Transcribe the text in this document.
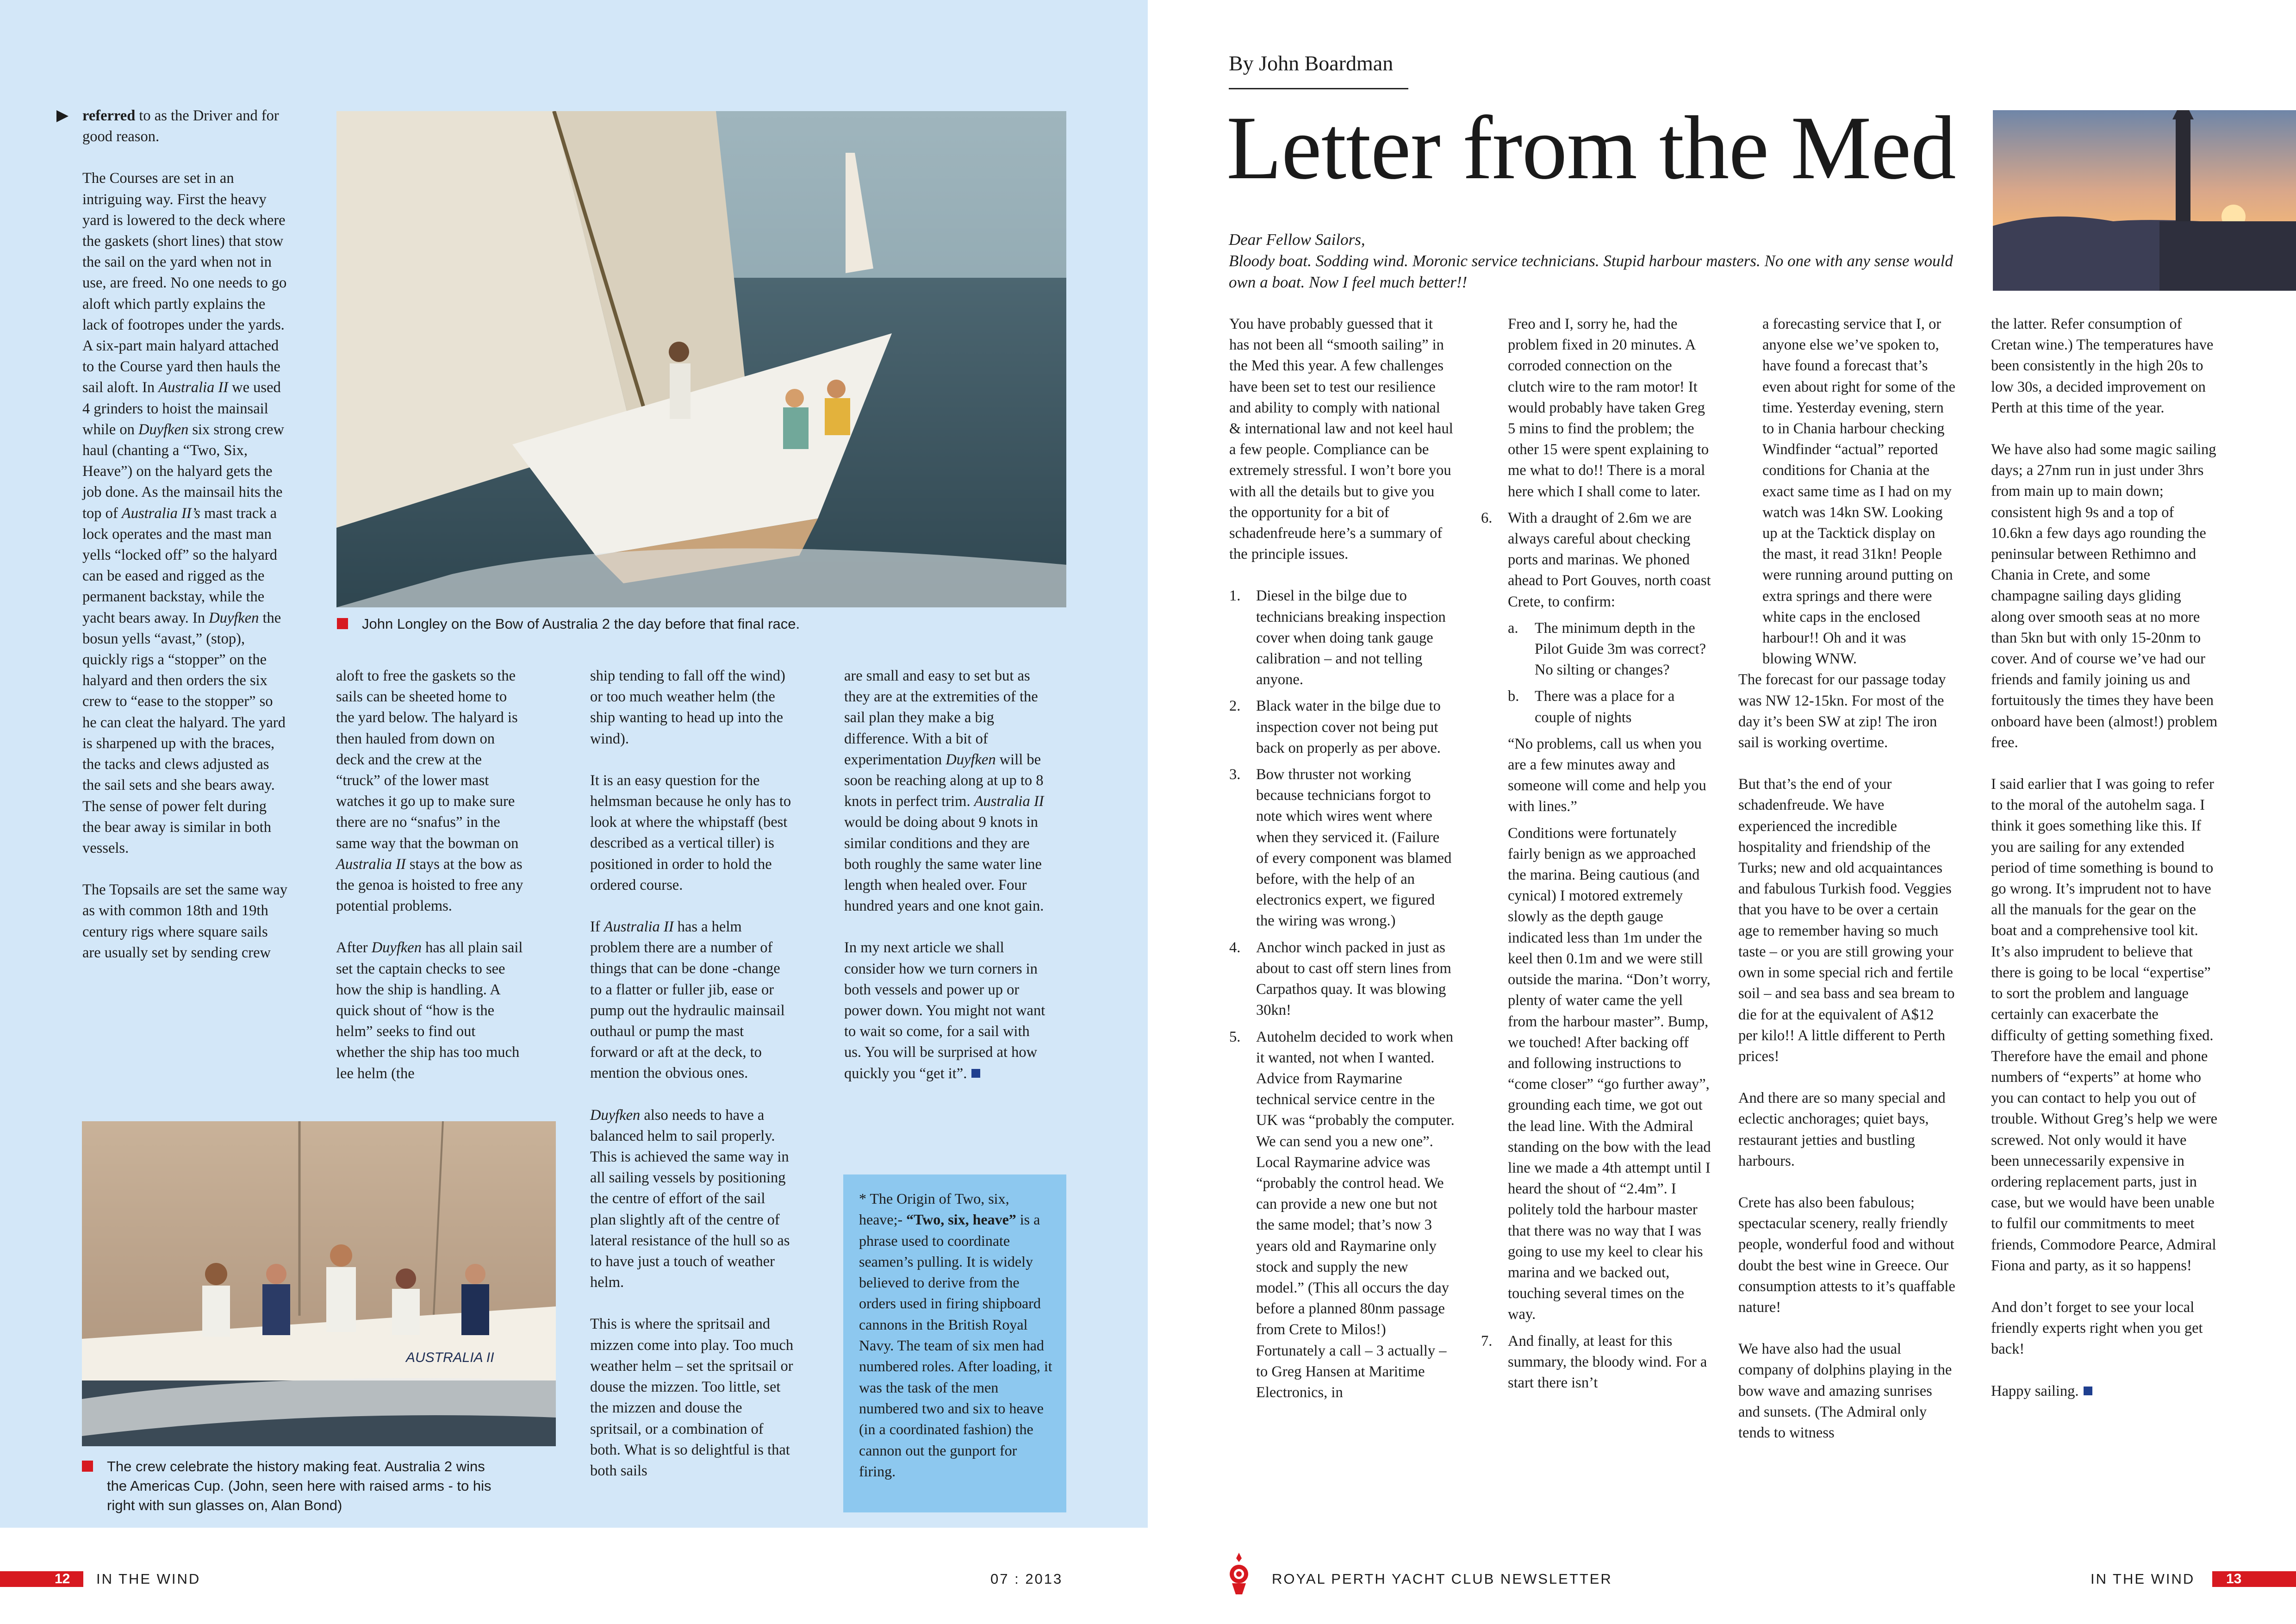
referred to as the Driver and for good reason.

The Courses are set in an intriguing way. First the heavy yard is lowered to the deck where the gaskets (short lines) that stow the sail on the yard when not in use, are freed. No one needs to go aloft which partly explains the lack of footropes under the yards. A six-part main halyard attached to the Course yard then hauls the sail aloft. In Australia II we used 4 grinders to hoist the mainsail while on Duyfken six strong crew haul (chanting a “Two, Six, Heave”) on the halyard gets the job done. As the mainsail hits the top of Australia II’s mast track a lock operates and the mast man yells “locked off” so the halyard can be eased and rigged as the permanent backstay, while the yacht bears away. In Duyfken the bosun yells “avast,” (stop), quickly rigs a “stopper” on the halyard and then orders the six crew to “ease to the stopper” so he can cleat the halyard. The yard is sharpened up with the braces, the tacks and clews adjusted as the sail sets and she bears away. The sense of power felt during the bear away is similar in both vessels.

The Topsails are set the same way as with common 18th and 19th century rigs where square sails are usually set by sending crew

John Longley on the Bow of Australia 2 the day before that final race.

aloft to free the gaskets so the sails can be sheeted home to the yard below. The halyard is then hauled from down on deck and the crew at the “truck” of the lower mast watches it go up to make sure there are no “snafus” in the same way that the bowman on Australia II stays at the bow as the genoa is hoisted to free any potential problems.

After Duyfken has all plain sail set the captain checks to see how the ship is handling. A quick shout of “how is the helm” seeks to find out whether the ship has too much lee helm (the

ship tending to fall off the wind) or too much weather helm (the ship wanting to head up into the wind).

It is an easy question for the helmsman because he only has to look at where the whipstaff (best described as a vertical tiller) is positioned in order to hold the ordered course.

If Australia II has a helm problem there are a number of things that can be done -change to a flatter or fuller jib, ease or pump out the hydraulic mainsail outhaul or pump the mast forward or aft at the deck, to mention the obvious ones.

Duyfken also needs to have a balanced helm to sail properly. This is achieved the same way in all sailing vessels by positioning the centre of effort of the sail plan slightly aft of the centre of lateral resistance of the hull so as to have just a touch of weather helm.

This is where the spritsail and mizzen come into play. Too much weather helm – set the spritsail or douse the mizzen. Too little, set the mizzen and douse the spritsail, or a combination of both. What is so delightful is that both sails

are small and easy to set but as they are at the extremities of the sail plan they make a big difference. With a bit of experimentation Duyfken will be soon be reaching along at up to 8 knots in perfect trim. Australia II would be doing about 9 knots in similar conditions and they are both roughly the same water line length when healed over. Four hundred years and one knot gain.

In my next article we shall consider how we turn corners in both vessels and power up or power down. You might not want to wait so come, for a sail with us. You will be surprised at how quickly you “get it”.

* The Origin of Two, six, heave;- “Two, six, heave” is a phrase used to coordinate seamen’s pulling. It is widely believed to derive from the orders used in firing shipboard cannons in the British Royal Navy. The team of six men had numbered roles. After loading, it was the task of the men numbered two and six to heave (in a coordinated fashion) the cannon out the gunport for firing.
AUSTRALIA II
The crew celebrate the history making feat. Australia 2 wins
the Americas Cup. (John, seen here with raised arms - to his
right with sun glasses on, Alan Bond)
12 IN THE WIND	07 : 2013
By John Boardman
Letter from the Med
Dear Fellow Sailors,
Bloody boat. Sodding wind. Moronic service technicians. Stupid harbour masters. No one with any sense would own a boat. Now I feel much better!!

You have probably guessed that it has not been all “smooth sailing” in the Med this year. A few challenges have been set to test our resilience and ability to comply with national & international law and not keel haul a few people. Compliance can be extremely stressful. I won’t bore you with all the details but to give you the opportunity for a bit of schadenfreude here’s a summary of the principle issues.

1. Diesel in the bilge due to technicians breaking inspection cover when doing tank gauge calibration – and not telling anyone.
2. Black water in the bilge due to inspection cover not being put back on properly as per above.
3. Bow thruster not working because technicians forgot to note which wires went where when they serviced it. (Failure of every component was blamed before, with the help of an electronics expert, we figured the wiring was wrong.)
4. Anchor winch packed in just as about to cast off stern lines from Carpathos quay. It was blowing 30kn!
5. Autohelm decided to work when it wanted, not when I wanted. Advice from Raymarine technical service centre in the UK was “probably the computer. We can send you a new one”. Local Raymarine advice was “probably the control head. We can provide a new one but not the same model; that’s now 3 years old and Raymarine only stock and supply the new model.” (This all occurs the day before a planned 80nm passage from Crete to Milos!) Fortunately a call – 3 actually – to Greg Hansen at Maritime Electronics, in
Freo and I, sorry he, had the problem fixed in 20 minutes. A corroded connection on the clutch wire to the ram motor! It would probably have taken Greg 5 mins to find the problem; the other 15 were spent explaining to me what to do!! There is a moral here which I shall come to later.
6. With a draught of 2.6m we are always careful about checking ports and marinas. We phoned ahead to Port Gouves, north coast Crete, to confirm:
a. The minimum depth in the Pilot Guide 3m was correct? No silting or changes?
b. There was a place for a couple of nights
“No problems, call us when you are a few minutes away and someone will come and help you with lines.”
Conditions were fortunately fairly benign as we approached the marina. Being cautious (and cynical) I motored extremely slowly as the depth gauge indicated less than 1m under the keel then 0.1m and we were still outside the marina. “Don’t worry, plenty of water came the yell from the harbour master”. Bump, we touched! After backing off and following instructions to “come closer” “go further away”, grounding each time, we got out the lead line. With the Admiral standing on the bow with the lead line we made a 4th attempt until I heard the shout of “2.4m”. I politely told the harbour master that there was no way that I was going to use my keel to clear his marina and we backed out, touching several times on the way.
7. And finally, at least for this summary, the bloody wind. For a start there isn’t
a forecasting service that I, or anyone else we’ve spoken to, have found a forecast that’s even about right for some of the time. Yesterday evening, stern to in Chania harbour checking Windfinder “actual” reported conditions for Chania at the exact same time as I had on my watch was 14kn SW. Looking up at the Tacktick display on the mast, it read 31kn! People were running around putting on extra springs and there were white caps in the enclosed harbour!! Oh and it was blowing WNW.

The forecast for our passage today was NW 12-15kn. For most of the day it’s been SW at zip! The iron sail is working overtime.

But that’s the end of your schadenfreude. We have experienced the incredible hospitality and friendship of the Turks; new and old acquaintances and fabulous Turkish food. Veggies that you have to be over a certain age to remember having so much taste – or you are still growing your own in some special rich and fertile soil – and sea bass and sea bream to die for at the equivalent of A$12 per kilo!! A little different to Perth prices!

And there are so many special and eclectic anchorages; quiet bays, restaurant jetties and bustling harbours.

Crete has also been fabulous; spectacular scenery, really friendly people, wonderful food and without doubt the best wine in Greece. Our consumption attests to it’s quaffable nature!

We have also had the usual company of dolphins playing in the bow wave and amazing sunrises and sunsets. (The Admiral only tends to witness

the latter. Refer consumption of Cretan wine.) The temperatures have been consistently in the high 20s to low 30s, a decided improvement on Perth at this time of the year.

We have also had some magic sailing days; a 27nm run in just under 3hrs from main up to main down; consistent high 9s and a top of 10.6kn a few days ago rounding the peninsular between Rethimno and Chania in Crete, and some champagne sailing days gliding along over smooth seas at no more than 5kn but with only 15-20nm to cover. And of course we’ve had our friends and family joining us and fortuitously the times they have been onboard have been (almost!) problem free.

I said earlier that I was going to refer to the moral of the autohelm saga. I think it goes something like this. If you are sailing for any extended period of time something is bound to go wrong. It’s imprudent not to have all the manuals for the gear on the boat and a comprehensive tool kit. It’s also imprudent to believe that there is going to be local “expertise” to sort the problem and language certainly can exacerbate the difficulty of getting something fixed. Therefore have the email and phone numbers of “experts” at home who you can contact to help you out of trouble. Without Greg’s help we were screwed. Not only would it have been unnecessarily expensive in ordering replacement parts, just in case, but we would have been unable to fulfil our commitments to meet friends, Commodore Pearce, Admiral Fiona and party, as it so happens!

And don’t forget to see your local friendly experts right when you get back!

Happy sailing.

ROYAL PERTH YACHT CLUB NEWSLETTER	IN THE WIND 13
